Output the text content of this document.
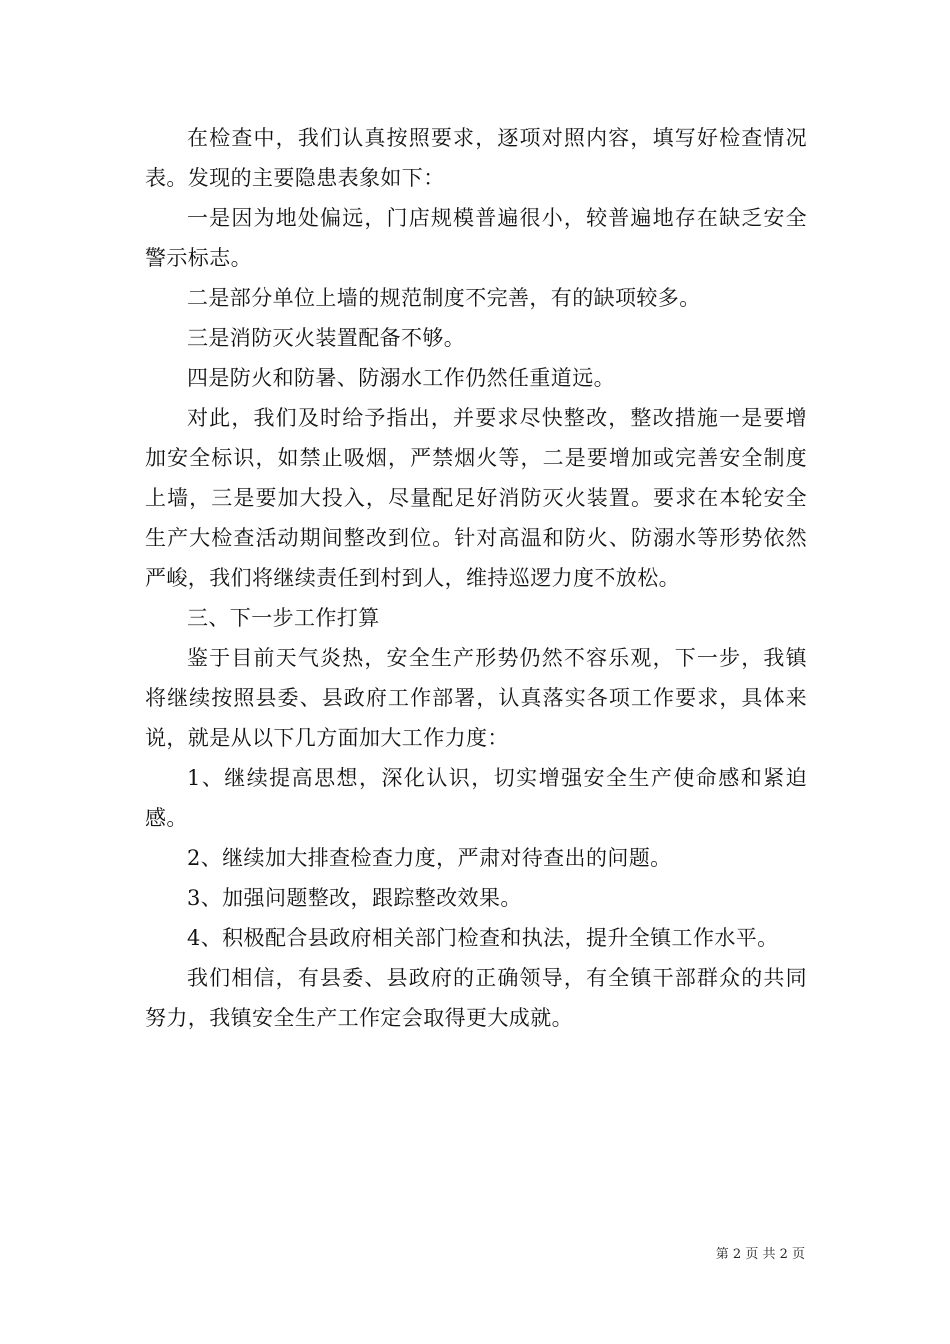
在检查中，我们认真按照要求，逐项对照内容，填写好检查情况表。发现的主要隐患表象如下：

一是因为地处偏远，门店规模普遍很小，较普遍地存在缺乏安全警示标志。

二是部分单位上墙的规范制度不完善，有的缺项较多。

三是消防灭火装置配备不够。

四是防火和防暑、防溺水工作仍然任重道远。

对此，我们及时给予指出，并要求尽快整改，整改措施一是要增加安全标识，如禁止吸烟，严禁烟火等，二是要增加或完善安全制度上墙，三是要加大投入，尽量配足好消防灭火装置。要求在本轮安全生产大检查活动期间整改到位。针对高温和防火、防溺水等形势依然严峻，我们将继续责任到村到人，维持巡逻力度不放松。

三、下一步工作打算

鉴于目前天气炎热，安全生产形势仍然不容乐观，下一步，我镇将继续按照县委、县政府工作部署，认真落实各项工作要求，具体来说，就是从以下几方面加大工作力度：

1、继续提高思想，深化认识，切实增强安全生产使命感和紧迫感。

2、继续加大排查检查力度，严肃对待查出的问题。

3、加强问题整改，跟踪整改效果。

4、积极配合县政府相关部门检查和执法，提升全镇工作水平。

我们相信，有县委、县政府的正确领导，有全镇干部群众的共同努力，我镇安全生产工作定会取得更大成就。

第 2 页 共 2 页
